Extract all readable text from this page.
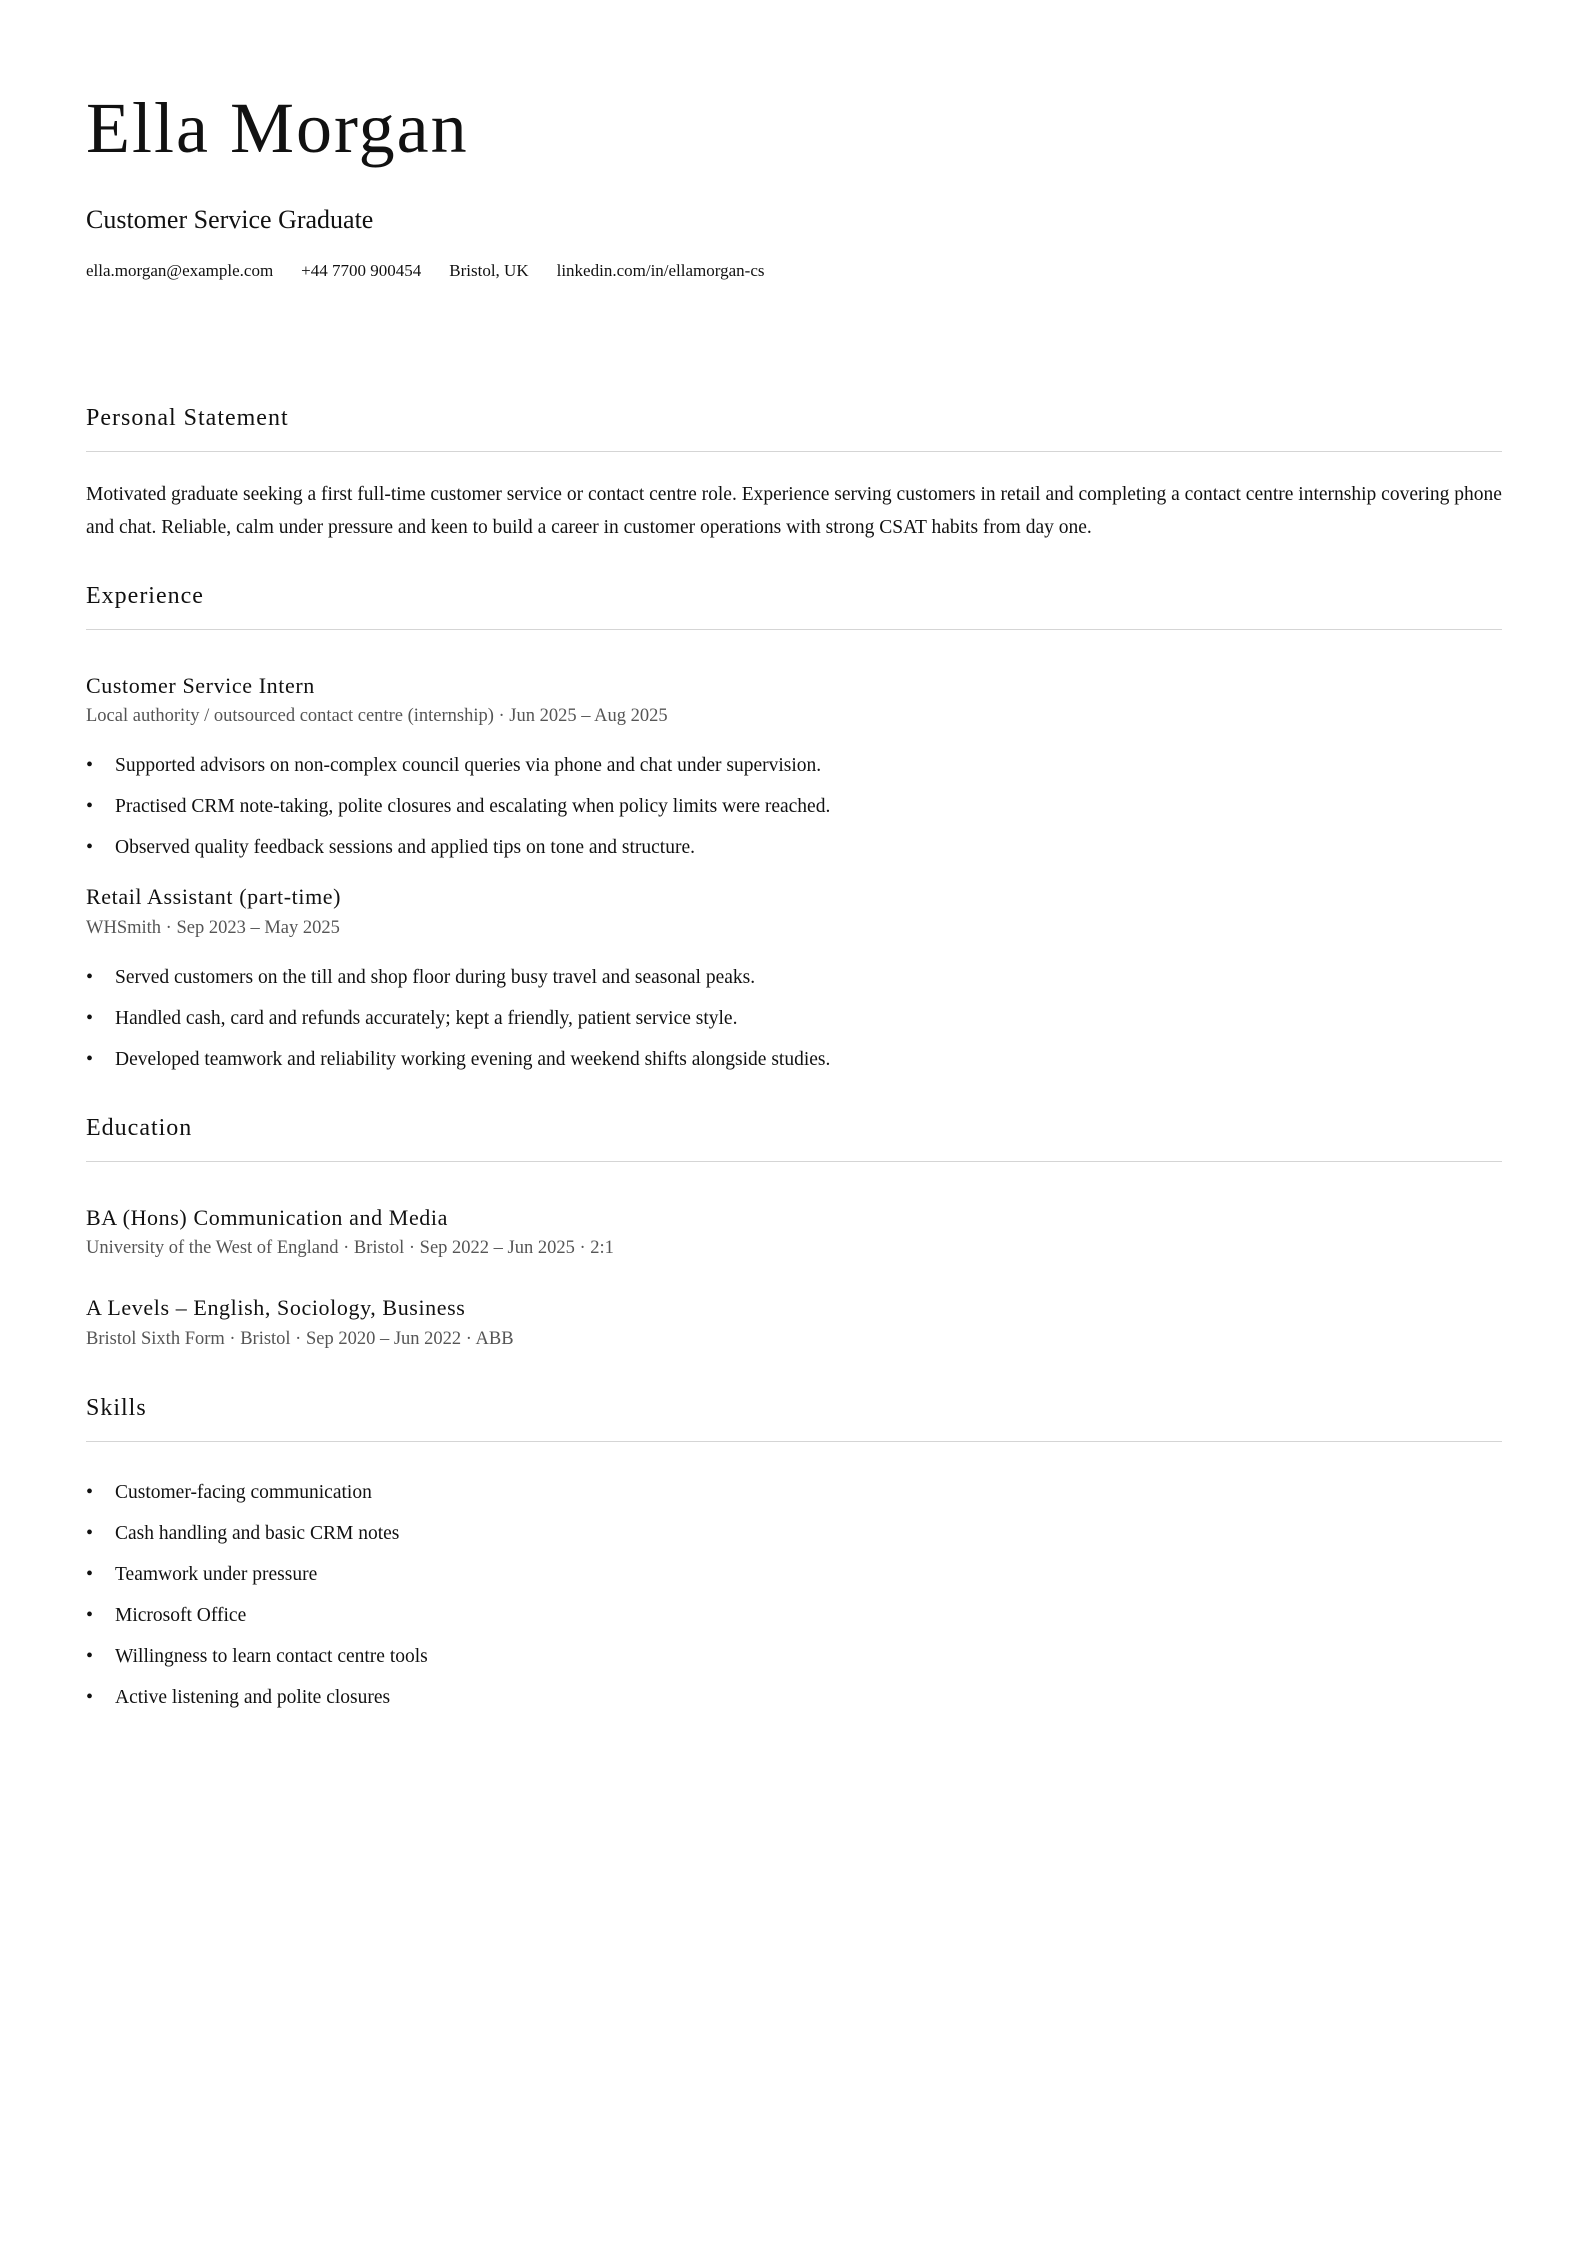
Ella Morgan
Customer Service Graduate
ella.morgan@example.com +44 7700 900454 Bristol, UK linkedin.com/in/ellamorgan-cs
Personal Statement

Motivated graduate seeking a first full-time customer service or contact centre role. Experience serving customers in retail and completing a contact centre internship covering phone and chat. Reliable, calm under pressure and keen to build a career in customer operations with strong CSAT habits from day one.

Experience
Customer Service Intern
Local authority / outsourced contact centre (internship) · Jun 2025 – Aug 2025
• Supported advisors on non-complex council queries via phone and chat under supervision.
• Practised CRM note-taking, polite closures and escalating when policy limits were reached.
• Observed quality feedback sessions and applied tips on tone and structure.
Retail Assistant (part-time)
WHSmith · Sep 2023 – May 2025
• Served customers on the till and shop floor during busy travel and seasonal peaks.
• Handled cash, card and refunds accurately; kept a friendly, patient service style.
• Developed teamwork and reliability working evening and weekend shifts alongside studies.
Education
BA (Hons) Communication and Media
University of the West of England · Bristol · Sep 2022 – Jun 2025 · 2:1
A Levels – English, Sociology, Business
Bristol Sixth Form · Bristol · Sep 2020 – Jun 2022 · ABB
Skills
• Customer-facing communication
• Cash handling and basic CRM notes
• Teamwork under pressure
• Microsoft Office
• Willingness to learn contact centre tools
• Active listening and polite closures
